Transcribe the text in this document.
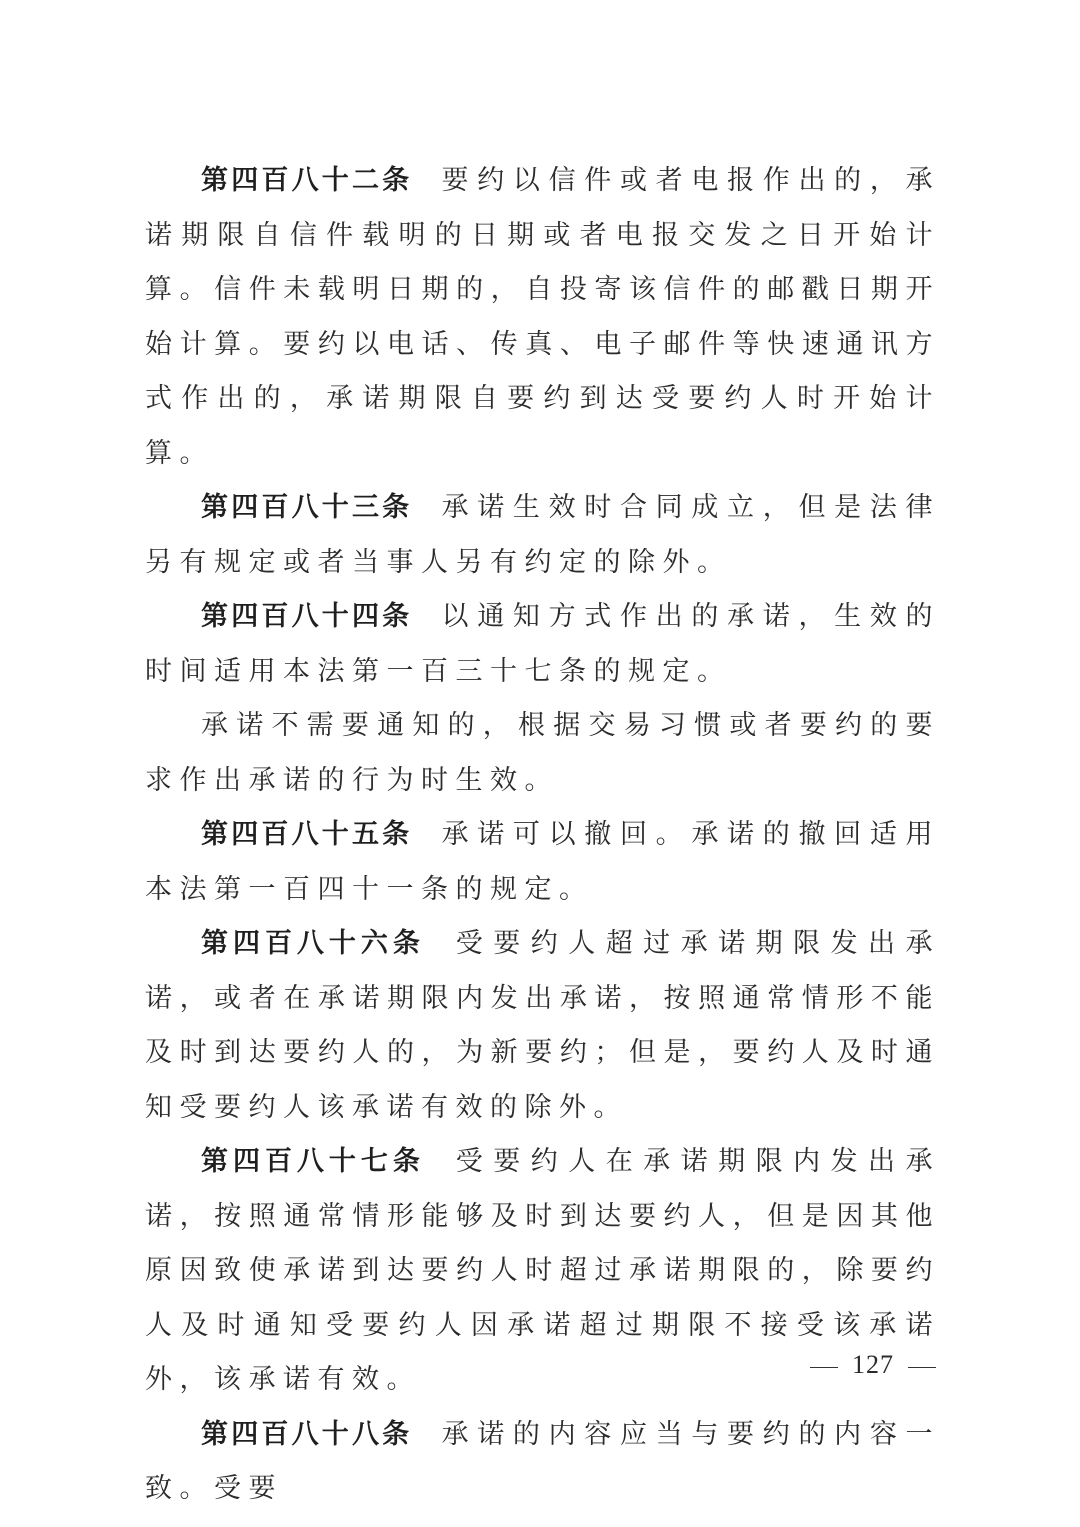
第四百八十二条 要约以信件或者电报作出的，承诺期限自信件载明的日期或者电报交发之日开始计算。信件未载明日期的，自投寄该信件的邮戳日期开始计算。要约以电话、传真、电子邮件等快速通讯方式作出的，承诺期限自要约到达受要约人时开始计算。

第四百八十三条 承诺生效时合同成立，但是法律另有规定或者当事人另有约定的除外。

第四百八十四条 以通知方式作出的承诺，生效的时间适用本法第一百三十七条的规定。

承诺不需要通知的，根据交易习惯或者要约的要求作出承诺的行为时生效。

第四百八十五条 承诺可以撤回。承诺的撤回适用本法第一百四十一条的规定。

第四百八十六条 受要约人超过承诺期限发出承诺，或者在承诺期限内发出承诺，按照通常情形不能及时到达要约人的，为新要约；但是，要约人及时通知受要约人该承诺有效的除外。

第四百八十七条 受要约人在承诺期限内发出承诺，按照通常情形能够及时到达要约人，但是因其他原因致使承诺到达要约人时超过承诺期限的，除要约人及时通知受要约人因承诺超过期限不接受该承诺外，该承诺有效。

第四百八十八条 承诺的内容应当与要约的内容一致。受要

127
